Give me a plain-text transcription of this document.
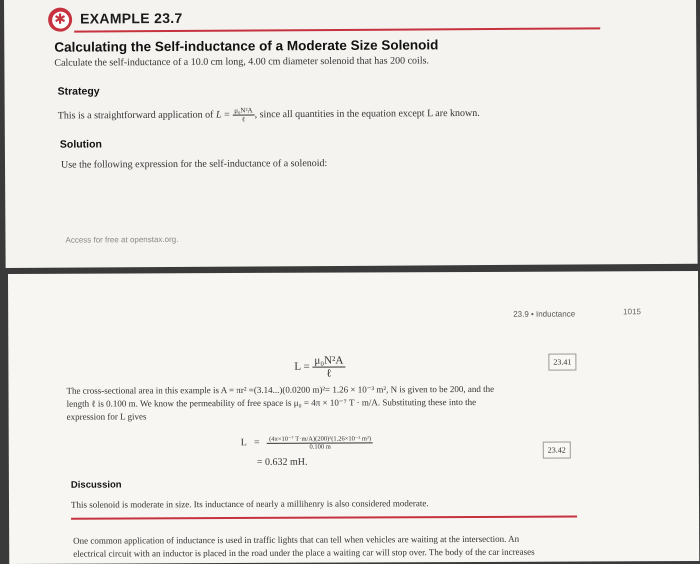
✱ EXAMPLE 23.7
Calculating the Self-inductance of a Moderate Size Solenoid
Calculate the self-inductance of a 10.0 cm long, 4.00 cm diameter solenoid that has 200 coils.
Strategy
This is a straightforward application of $L = \frac{\text{μ₀N²A}}{\text{ℓ}}$ , since all quantities in the equation except L are known.
Solution
Use the following expression for the self-inductance of a solenoid:
Access for free at openstax.org.
23.9 • Inductance	1015
$L = \frac{\text{μ₀N²A}}{\text{ℓ}}$	23.41
The cross-sectional area in this example is A = πr² =(3.14...)(0.0200 m)²= 1.26 × 10⁻³ m², N is given to be 200, and the
length ℓ is 0.100 m. We know the permeability of free space is μ₀ = 4π × 10⁻⁷ T · m/A. Substituting these into the
expression for L gives
$L = \frac{\text{(4π×10⁻⁷ T·m/A)(200)²(1.26×10⁻³ m²)}}{0.100 m}$
= 0.632 mH.
23.42
Discussion
This solenoid is moderate in size. Its inductance of nearly a millihenry is also considered moderate.
One common application of inductance is used in traffic lights that can tell when vehicles are waiting at the intersection. An
electrical circuit with an inductor is placed in the road under the place a waiting car will stop over. The body of the car increases
